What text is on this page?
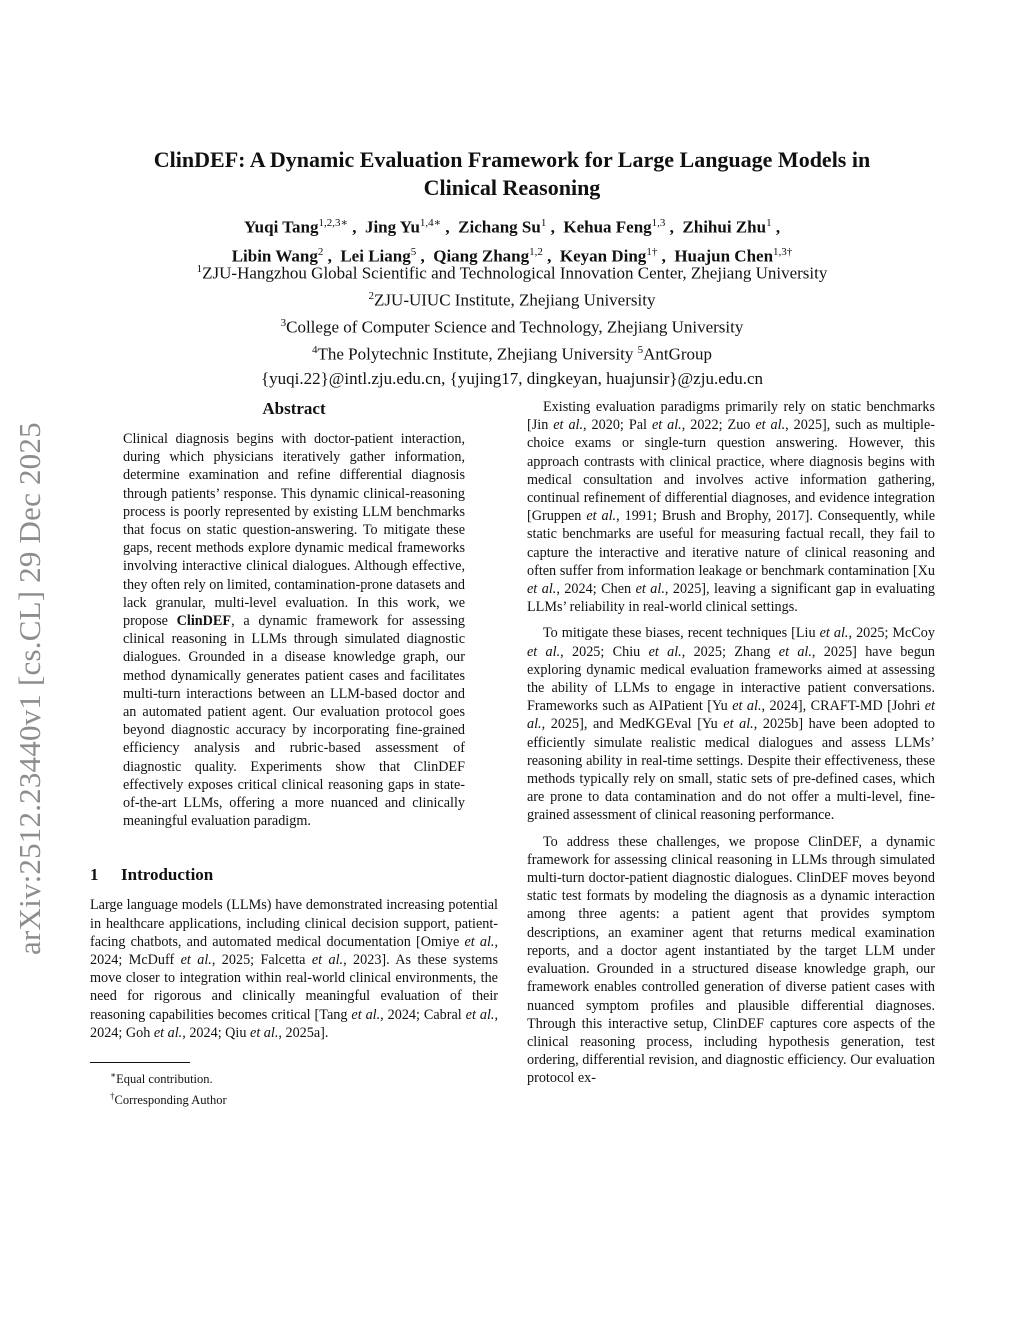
arXiv:2512.23440v1 [cs.CL] 29 Dec 2025
ClinDEF: A Dynamic Evaluation Framework for Large Language Models in
Clinical Reasoning
Yuqi Tang$^{1,2,3∗}$ ,  Jing $Yu^{1,4∗}$ ,  Zichang Su$^1$ ,  Kehua Feng$^{1,3}$ ,  Zhihui Zhu$^1$ ,
Libin Wang$^2$ ,  Lei Liang$^5$ ,  Qiang Zhang$^{1,2}$ ,  Keyan Ding$^{1\dagger}$ ,  Huajun Chen$^{1,3\dagger}$
$^1$ZJU-Hangzhou Global Scientific and Technological Innovation Center, Zhejiang University
$^2$ZJU-UIUC Institute, Zhejiang University
$^3$College of Computer Science and Technology, Zhejiang University
$^4$The Polytechnic Institute, Zhejiang University $^5$AntGroup
{yuqi.22}@intl.zju.edu.cn, {yujing17, dingkeyan, huajunsir}@zju.edu.cn
Abstract

Clinical diagnosis begins with doctor-patient interaction, during which physicians iteratively gather information, determine examination and refine differential diagnosis through patients’ response. This dynamic clinical-reasoning process is poorly represented by existing LLM benchmarks that focus on static question-answering. To mitigate these gaps, recent methods explore dynamic medical frameworks involving interactive clinical dialogues. Although effective, they often rely on limited, contamination-prone datasets and lack granular, multi-level evaluation. In this work, we propose ClinDEF, a dynamic framework for assessing clinical reasoning in LLMs through simulated diagnostic dialogues. Grounded in a disease knowledge graph, our method dynamically generates patient cases and facilitates multi-turn interactions between an LLM-based doctor and an automated patient agent. Our evaluation protocol goes beyond diagnostic accuracy by incorporating fine-grained efficiency analysis and rubric-based assessment of diagnostic quality. Experiments show that ClinDEF effectively exposes critical clinical reasoning gaps in state-of-the-art LLMs, offering a more nuanced and clinically meaningful evaluation paradigm.

1 Introduction

Large language models (LLMs) have demonstrated increasing potential in healthcare applications, including clinical decision support, patient-facing chatbots, and automated medical documentation [Omiye et al., 2024; McDuff et al., 2025; Falcetta et al., 2023]. As these systems move closer to integration within real-world clinical environments, the need for rigorous and clinically meaningful evaluation of their reasoning capabilities becomes critical [Tang et al., 2024; Cabral et al., 2024; Goh et al., 2024; Qiu et al., 2025a].

∗Equal contribution.
†Corresponding Author

Existing evaluation paradigms primarily rely on static benchmarks [Jin et al., 2020; Pal et al., 2022; Zuo et al., 2025], such as multiple-choice exams or single-turn question answering. However, this approach contrasts with clinical practice, where diagnosis begins with medical consultation and involves active information gathering, continual refinement of differential diagnoses, and evidence integration [Gruppen et al., 1991; Brush and Brophy, 2017]. Consequently, while static benchmarks are useful for measuring factual recall, they fail to capture the interactive and iterative nature of clinical reasoning and often suffer from information leakage or benchmark contamination [Xu et al., 2024; Chen et al., 2025], leaving a significant gap in evaluating LLMs’ reliability in real-world clinical settings.

To mitigate these biases, recent techniques [Liu et al., 2025; McCoy et al., 2025; Chiu et al., 2025; Zhang et al., 2025] have begun exploring dynamic medical evaluation frameworks aimed at assessing the ability of LLMs to engage in interactive patient conversations. Frameworks such as AIPatient [Yu et al., 2024], CRAFT-MD [Johri et al., 2025], and MedKGEval [Yu et al., 2025b] have been adopted to efficiently simulate realistic medical dialogues and assess LLMs’ reasoning ability in real-time settings. Despite their effectiveness, these methods typically rely on small, static sets of pre-defined cases, which are prone to data contamination and do not offer a multi-level, fine-grained assessment of clinical reasoning performance.

To address these challenges, we propose ClinDEF, a dynamic framework for assessing clinical reasoning in LLMs through simulated multi-turn doctor-patient diagnostic dialogues. ClinDEF moves beyond static test formats by modeling the diagnosis as a dynamic interaction among three agents: a patient agent that provides symptom descriptions, an examiner agent that returns medical examination reports, and a doctor agent instantiated by the target LLM under evaluation. Grounded in a structured disease knowledge graph, our framework enables controlled generation of diverse patient cases with nuanced symptom profiles and plausible differential diagnoses. Through this interactive setup, ClinDEF captures core aspects of the clinical reasoning process, including hypothesis generation, test ordering, differential revision, and diagnostic efficiency. Our evaluation protocol ex-
